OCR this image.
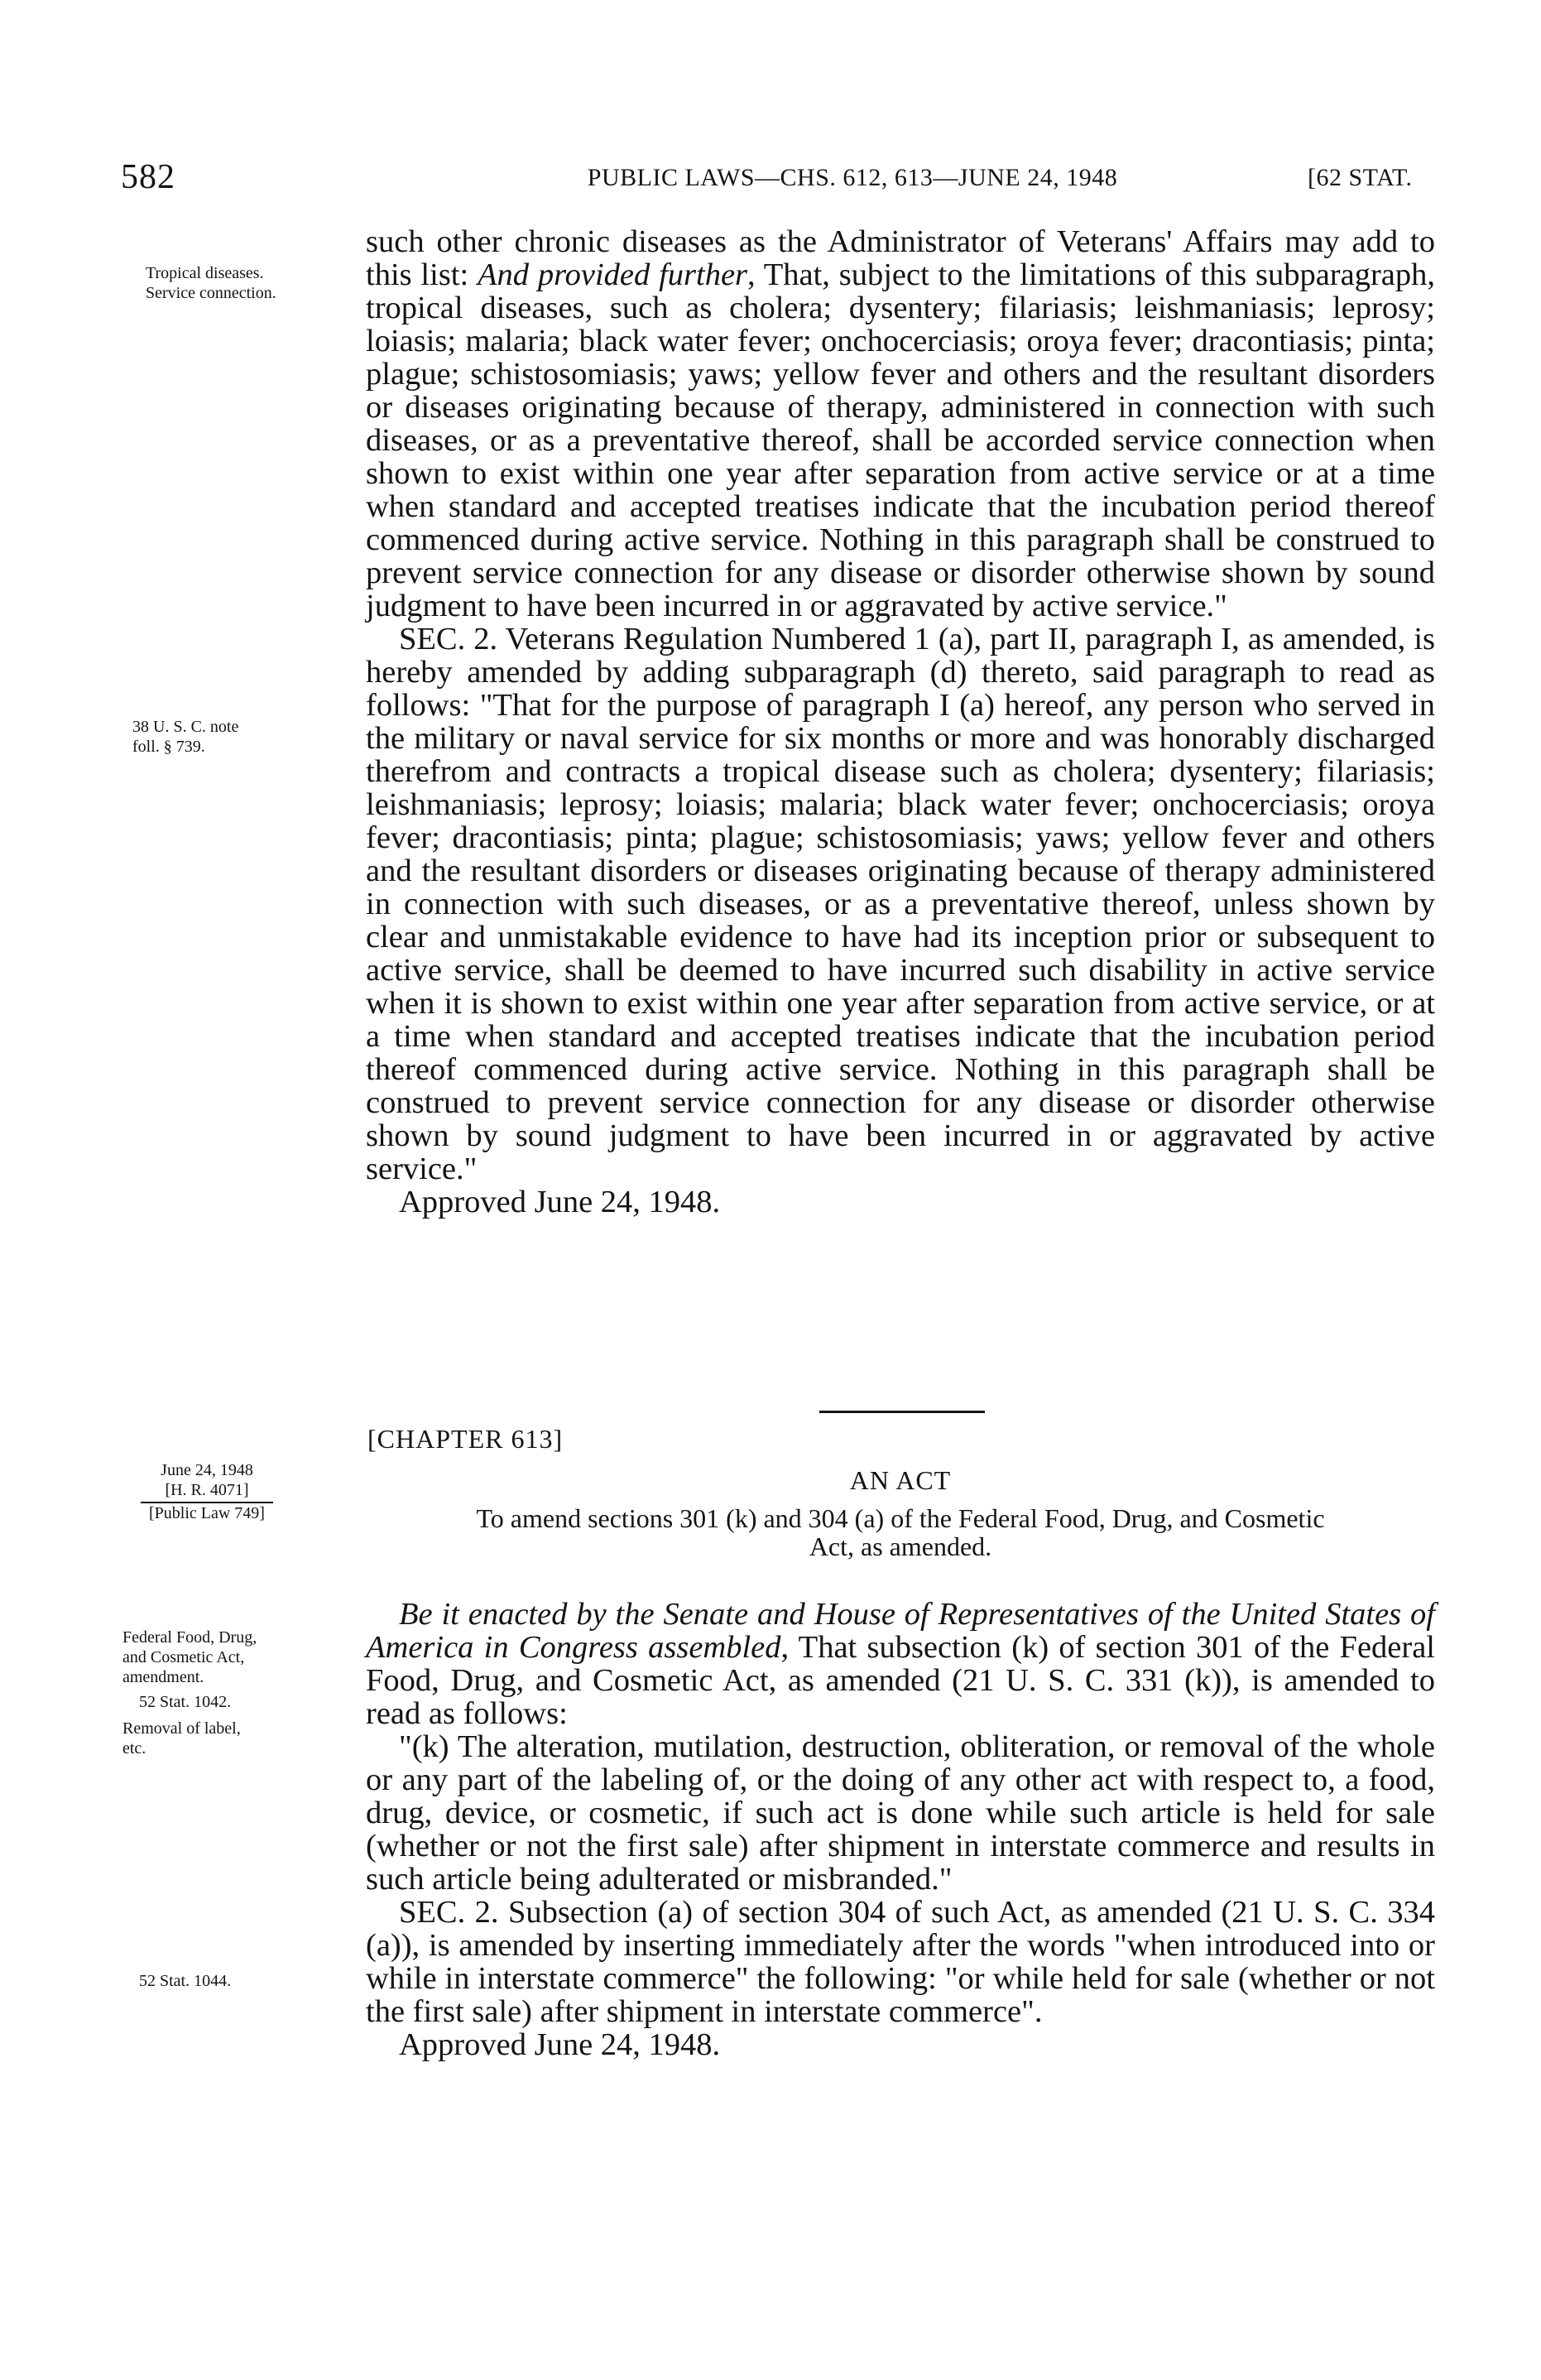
582	PUBLIC LAWS—CHS. 612, 613—JUNE 24, 1948	[62 STAT.
Tropical diseases.
Service connection.
38 U. S. C. note
foll. § 739.
June 24, 1948
[H. R. 4071]
[Public Law 749]
Federal Food, Drug,
and Cosmetic Act,
amendment.
52 Stat. 1042.
Removal of label,
etc.
52 Stat. 1044.

such other chronic diseases as the Administrator of Veterans' Affairs may add to this list: And provided further, That, subject to the limitations of this subparagraph, tropical diseases, such as cholera; dysentery; filariasis; leishmaniasis; leprosy; loiasis; malaria; black water fever; onchocerciasis; oroya fever; dracontiasis; pinta; plague; schistosomiasis; yaws; yellow fever and others and the resultant disorders or diseases originating because of therapy, administered in connection with such diseases, or as a preventative thereof, shall be accorded service connection when shown to exist within one year after separation from active service or at a time when standard and accepted treatises indicate that the incubation period thereof commenced during active service. Nothing in this paragraph shall be construed to prevent service connection for any disease or disorder otherwise shown by sound judgment to have been incurred in or aggravated by active service."

SEC. 2. Veterans Regulation Numbered 1 (a), part II, paragraph I, as amended, is hereby amended by adding subparagraph (d) thereto, said paragraph to read as follows: "That for the purpose of paragraph I (a) hereof, any person who served in the military or naval service for six months or more and was honorably discharged therefrom and contracts a tropical disease such as cholera; dysentery; filariasis; leishmaniasis; leprosy; loiasis; malaria; black water fever; onchocerciasis; oroya fever; dracontiasis; pinta; plague; schistosomiasis; yaws; yellow fever and others and the resultant disorders or diseases originating because of therapy administered in connection with such diseases, or as a preventative thereof, unless shown by clear and unmistakable evidence to have had its inception prior or subsequent to active service, shall be deemed to have incurred such disability in active service when it is shown to exist within one year after separation from active service, or at a time when standard and accepted treatises indicate that the incubation period thereof commenced during active service. Nothing in this paragraph shall be construed to prevent service connection for any disease or disorder otherwise shown by sound judgment to have been incurred in or aggravated by active service."

Approved June 24, 1948.

[CHAPTER 613]
AN ACT
To amend sections 301 (k) and 304 (a) of the Federal Food, Drug, and Cosmetic
Act, as amended.

Be it enacted by the Senate and House of Representatives of the United States of America in Congress assembled, That subsection (k) of section 301 of the Federal Food, Drug, and Cosmetic Act, as amended (21 U. S. C. 331 (k)), is amended to read as follows:

"(k) The alteration, mutilation, destruction, obliteration, or removal of the whole or any part of the labeling of, or the doing of any other act with respect to, a food, drug, device, or cosmetic, if such act is done while such article is held for sale (whether or not the first sale) after shipment in interstate commerce and results in such article being adulterated or misbranded."

SEC. 2. Subsection (a) of section 304 of such Act, as amended (21 U. S. C. 334 (a)), is amended by inserting immediately after the words "when introduced into or while in interstate commerce" the following: "or while held for sale (whether or not the first sale) after shipment in interstate commerce".

Approved June 24, 1948.
